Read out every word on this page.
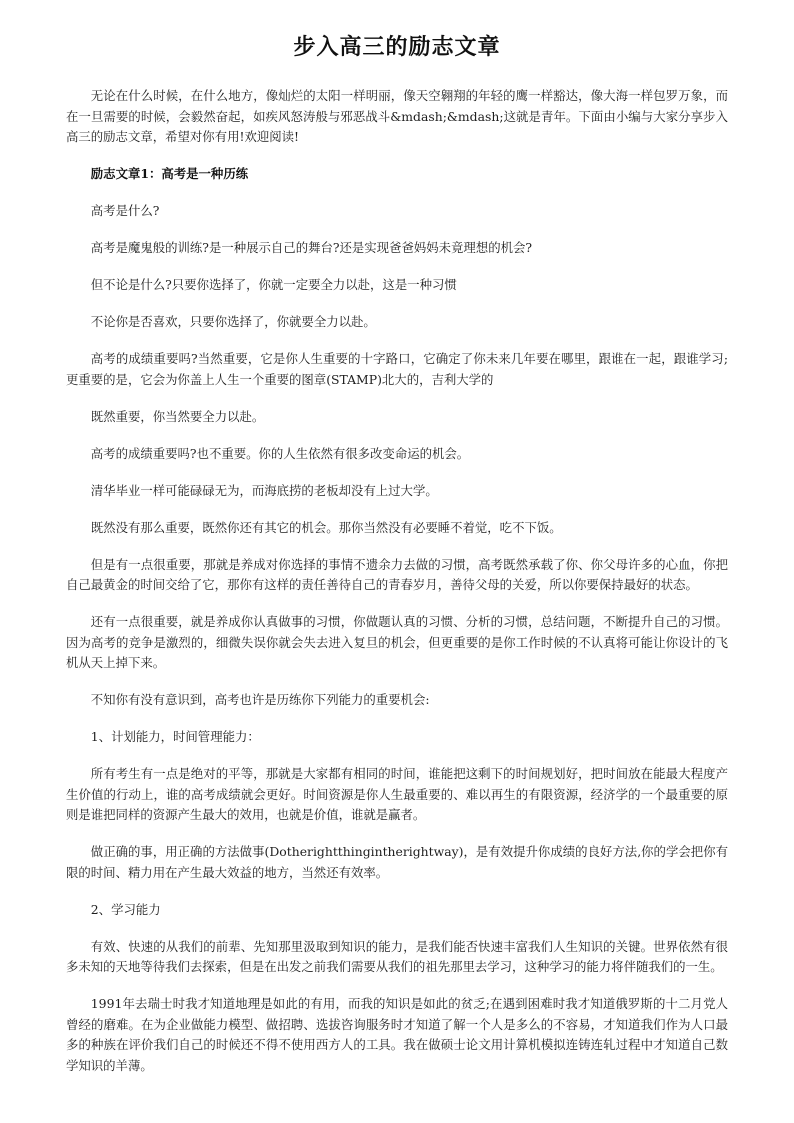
步入高三的励志文章

无论在什么时候，在什么地方，像灿烂的太阳一样明丽，像天空翱翔的年轻的鹰一样豁达，像大海一样包罗万象，而在一旦需要的时候，会毅然奋起，如疾风怒涛般与邪恶战斗&mdash;&mdash;这就是青年。下面由小编与大家分享步入高三的励志文章，希望对你有用!欢迎阅读!

励志文章1：高考是一种历练

高考是什么?

高考是魔鬼般的训练?是一种展示自己的舞台?还是实现爸爸妈妈未竟理想的机会?

但不论是什么?只要你选择了，你就一定要全力以赴，这是一种习惯

不论你是否喜欢，只要你选择了，你就要全力以赴。

高考的成绩重要吗?当然重要，它是你人生重要的十字路口，它确定了你未来几年要在哪里，跟谁在一起，跟谁学习;更重要的是，它会为你盖上人生一个重要的图章(STAMP)北大的，吉利大学的

既然重要，你当然要全力以赴。

高考的成绩重要吗?也不重要。你的人生依然有很多改变命运的机会。

清华毕业一样可能碌碌无为，而海底捞的老板却没有上过大学。

既然没有那么重要，既然你还有其它的机会。那你当然没有必要睡不着觉，吃不下饭。

但是有一点很重要，那就是养成对你选择的事情不遗余力去做的习惯，高考既然承载了你、你父母许多的心血，你把自己最黄金的时间交给了它，那你有这样的责任善待自己的青春岁月，善待父母的关爱，所以你要保持最好的状态。

还有一点很重要，就是养成你认真做事的习惯，你做题认真的习惯、分析的习惯，总结问题，不断提升自己的习惯。因为高考的竞争是激烈的，细微失误你就会失去进入复旦的机会，但更重要的是你工作时候的不认真将可能让你设计的飞机从天上掉下来。

不知你有没有意识到，高考也许是历练你下列能力的重要机会:

1、计划能力，时间管理能力：

所有考生有一点是绝对的平等，那就是大家都有相同的时间，谁能把这剩下的时间规划好，把时间放在能最大程度产生价值的行动上，谁的高考成绩就会更好。时间资源是你人生最重要的、难以再生的有限资源，经济学的一个最重要的原则是谁把同样的资源产生最大的效用，也就是价值，谁就是赢者。

做正确的事，用正确的方法做事(Dotherightthingintherightway)，是有效提升你成绩的良好方法,你的学会把你有限的时间、精力用在产生最大效益的地方，当然还有效率。

2、学习能力

有效、快速的从我们的前辈、先知那里汲取到知识的能力，是我们能否快速丰富我们人生知识的关键。世界依然有很多未知的天地等待我们去探索，但是在出发之前我们需要从我们的祖先那里去学习，这种学习的能力将伴随我们的一生。

1991年去瑞士时我才知道地理是如此的有用，而我的知识是如此的贫乏;在遇到困难时我才知道俄罗斯的十二月党人曾经的磨难。在为企业做能力模型、做招聘、选拔咨询服务时才知道了解一个人是多么的不容易，才知道我们作为人口最多的种族在评价我们自己的时候还不得不使用西方人的工具。我在做硕士论文用计算机模拟连铸连轧过程中才知道自己数学知识的羊薄。
